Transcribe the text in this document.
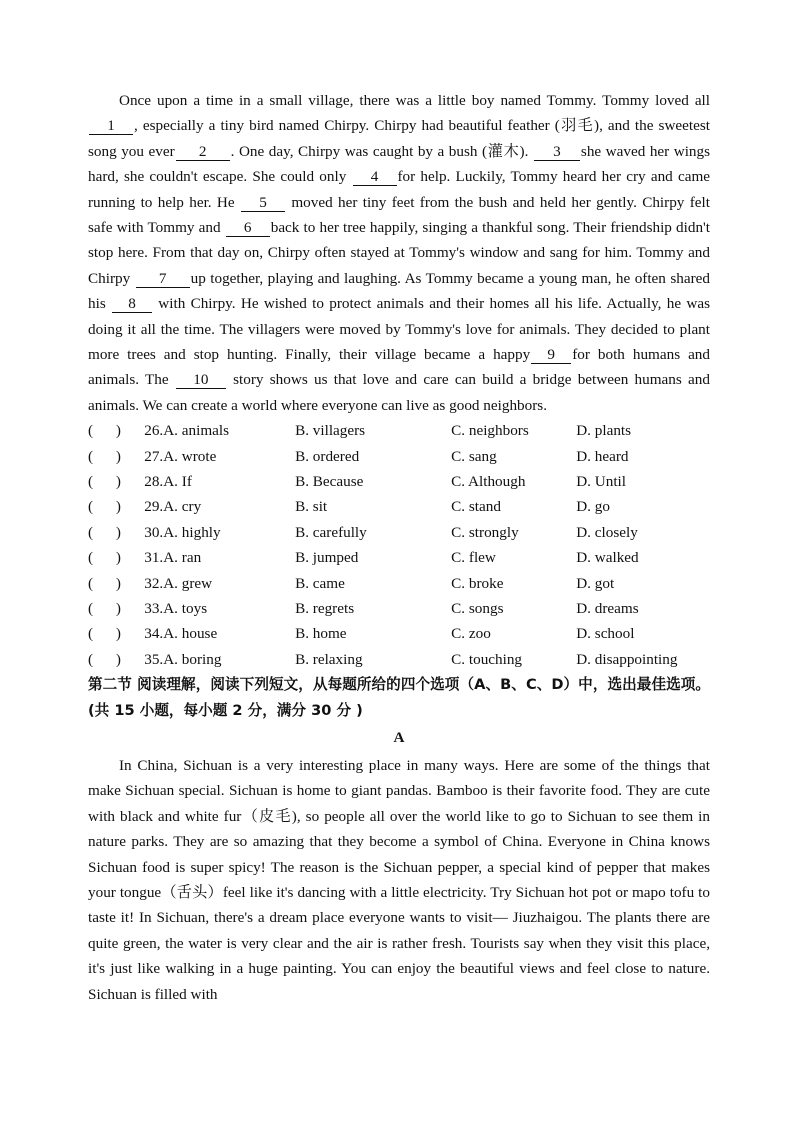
Once upon a time in a small village, there was a little boy named Tommy. Tommy loved all1 , especially a tiny bird named Chirpy. Chirpy had beautiful feather (羽毛), and the sweetest song you ever 2 . One day, Chirpy was caught by a bush (灌木). 3 she waved her wings hard, she couldn't escape. She could only 4 for help. Luckily, Tommy heard her cry and came running to help her. He 5 moved her tiny feet from the bush and held her gently. Chirpy felt safe with Tommy and 6 back to her tree happily, singing a thankful song. Their friendship didn't stop here. From that day on, Chirpy often stayed at Tommy's window and sang for him. Tommy and Chirpy 7 up together, playing and laughing. As Tommy became a young man, he often shared his 8 with Chirpy. He wished to protect animals and their homes all his life. Actually, he was doing it all the time. The villagers were moved by Tommy's love for animals. They decided to plant more trees and stop hunting. Finally, their village became a happy 9 for both humans and animals. The 10 story shows us that love and care can build a bridge between humans and animals. We can create a world where everyone can live as good neighbors.

(      )	26. A. animals	B. villagers	C. neighbors	D. plants
(      )	27. A. wrote	B. ordered	C. sang	D. heard
(      )	28. A. If	B. Because	C. Although	D. Until
(      )	29. A. cry	B. sit	C. stand	D. go
(      )	30. A. highly	B. carefully	C. strongly	D. closely
(      )	31. A. ran	B. jumped	C. flew	D. walked
(      )	32. A. grew	B. came	C. broke	D. got
(      )	33. A. toys	B. regrets	C. songs	D. dreams
(      )	34. A. house	B. home	C. zoo	D. school
(      )	35. A. boring	B. relaxing	C. touching	D. disappointing

第二节 阅读理解，阅读下列短文，从每题所给的四个选项（A、B、C、D）中，选出最佳选项。(共 15 小题，每小题 2 分，满分 30 分 )

A

In China, Sichuan is a very interesting place in many ways. Here are some of the things that make Sichuan special. Sichuan is home to giant pandas. Bamboo is their favorite food. They are cute with black and white fur（皮毛), so people all over the world like to go to Sichuan to see them in nature parks. They are so amazing that they become a symbol of China. Everyone in China knows Sichuan food is super spicy! The reason is the Sichuan pepper, a special kind of pepper that makes your tongue（舌头）feel like it's dancing with a little electricity. Try Sichuan hot pot or mapo tofu to taste it! In Sichuan, there's a dream place everyone wants to visit— Jiuzhaigou. The plants there are quite green, the water is very clear and the air is rather fresh. Tourists say when they visit this place, it's just like walking in a huge painting. You can enjoy the beautiful views and feel close to nature. Sichuan is filled with
